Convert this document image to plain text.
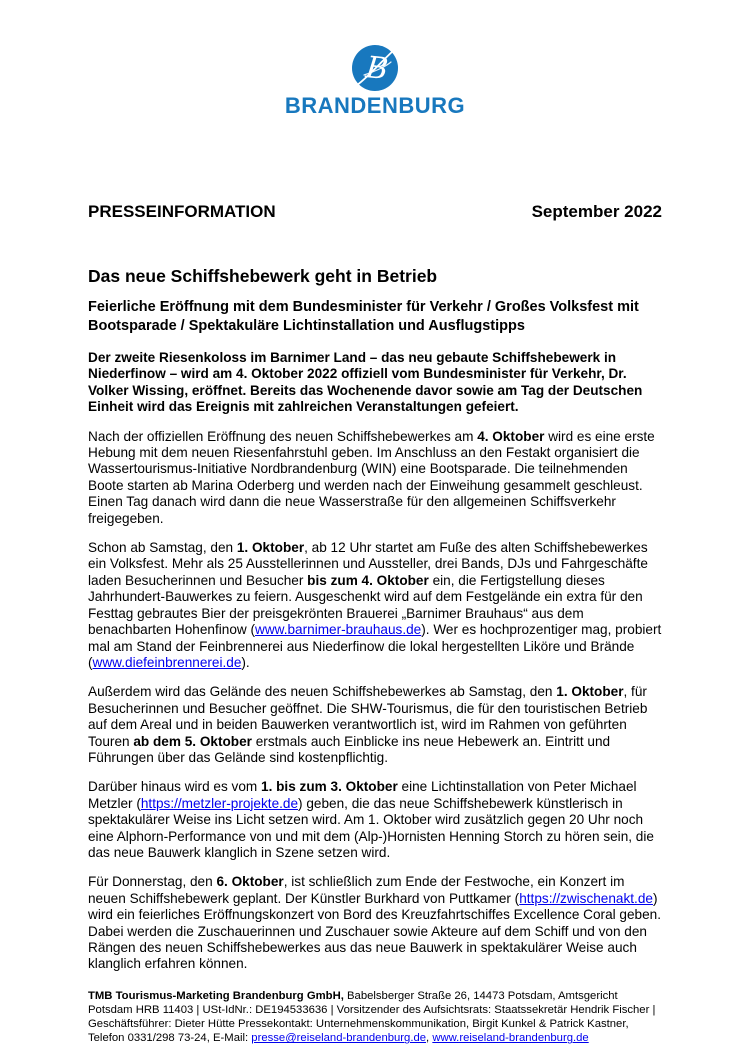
B
BRANDENBURG
PRESSEINFORMATION	September 2022
Das neue Schiffshebewerk geht in Betrieb
Feierliche Eröffnung mit dem Bundesminister für Verkehr / Großes Volksfest mit Bootsparade / Spektakuläre Lichtinstallation und Ausflugstipps

Der zweite Riesenkoloss im Barnimer Land – das neu gebaute Schiffshebewerk in Niederfinow – wird am 4. Oktober 2022 offiziell vom Bundesminister für Verkehr, Dr. Volker Wissing, eröffnet. Bereits das Wochenende davor sowie am Tag der Deutschen Einheit wird das Ereignis mit zahlreichen Veranstaltungen gefeiert.

Nach der offiziellen Eröffnung des neuen Schiffshebewerkes am 4. Oktober wird es eine erste Hebung mit dem neuen Riesenfahrstuhl geben. Im Anschluss an den Festakt organisiert die Wassertourismus-Initiative Nordbrandenburg (WIN) eine Bootsparade. Die teilnehmenden Boote starten ab Marina Oderberg und werden nach der Einweihung gesammelt geschleust. Einen Tag danach wird dann die neue Wasserstraße für den allgemeinen Schiffsverkehr freigegeben.

Schon ab Samstag, den 1. Oktober, ab 12 Uhr startet am Fuße des alten Schiffshebewerkes ein Volksfest. Mehr als 25 Ausstellerinnen und Aussteller, drei Bands, DJs und Fahrgeschäfte laden Besucherinnen und Besucher bis zum 4. Oktober ein, die Fertigstellung dieses Jahrhundert-Bauwerkes zu feiern. Ausgeschenkt wird auf dem Festgelände ein extra für den Festtag gebrautes Bier der preisgekrönten Brauerei „Barnimer Brauhaus“ aus dem benachbarten Hohenfinow (www.barnimer-brauhaus.de). Wer es hochprozentiger mag, probiert mal am Stand der Feinbrennerei aus Niederfinow die lokal hergestellten Liköre und Brände (www.diefeinbrennerei.de).

Außerdem wird das Gelände des neuen Schiffshebewerkes ab Samstag, den 1. Oktober, für Besucherinnen und Besucher geöffnet. Die SHW-Tourismus, die für den touristischen Betrieb auf dem Areal und in beiden Bauwerken verantwortlich ist, wird im Rahmen von geführten Touren ab dem 5. Oktober erstmals auch Einblicke ins neue Hebewerk an. Eintritt und Führungen über das Gelände sind kostenpflichtig.

Darüber hinaus wird es vom 1. bis zum 3. Oktober eine Lichtinstallation von Peter Michael Metzler (https://metzler-projekte.de) geben, die das neue Schiffshebewerk künstlerisch in spektakulärer Weise ins Licht setzen wird. Am 1. Oktober wird zusätzlich gegen 20 Uhr noch eine Alphorn-Performance von und mit dem (Alp-)Hornisten Henning Storch zu hören sein, die das neue Bauwerk klanglich in Szene setzen wird.

Für Donnerstag, den 6. Oktober, ist schließlich zum Ende der Festwoche, ein Konzert im neuen Schiffshebewerk geplant. Der Künstler Burkhard von Puttkamer (https://zwischenakt.de) wird ein feierliches Eröffnungskonzert von Bord des Kreuzfahrtschiffes Excellence Coral geben. Dabei werden die Zuschauerinnen und Zuschauer sowie Akteure auf dem Schiff und von den Rängen des neuen Schiffshebewerkes aus das neue Bauwerk in spektakulärer Weise auch klanglich erfahren können.

TMB Tourismus-Marketing Brandenburg GmbH, Babelsberger Straße 26, 14473 Potsdam, Amtsgericht Potsdam HRB 11403 | USt-IdNr.: DE194533636 | Vorsitzender des Aufsichtsrats: Staatssekretär Hendrik Fischer | Geschäftsführer: Dieter Hütte Pressekontakt: Unternehmenskommunikation, Birgit Kunkel & Patrick Kastner, Telefon 0331/298 73-24, E-Mail: presse@reiseland-brandenburg.de, www.reiseland-brandenburg.de
